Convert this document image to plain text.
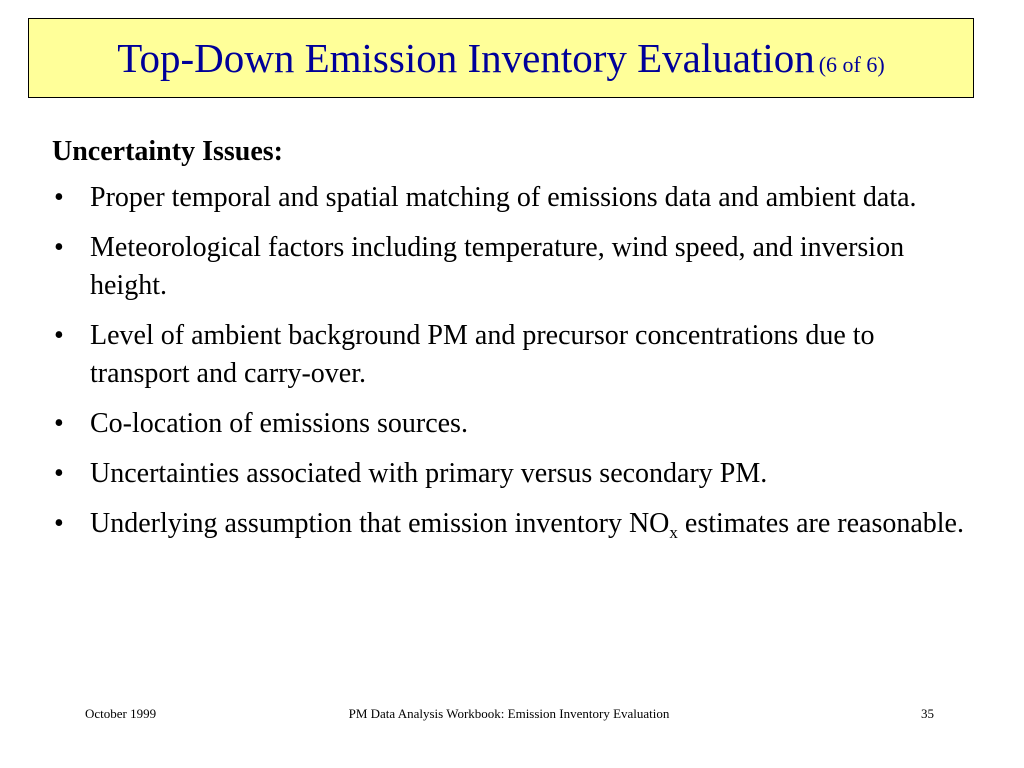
Top-Down Emission Inventory Evaluation (6 of 6)
Uncertainty Issues:
• Proper temporal and spatial matching of emissions data and ambient data.
• Meteorological factors including temperature, wind speed, and inversion height.
• Level of ambient background PM and precursor concentrations due to transport and carry-over.
• Co-location of emissions sources.
• Uncertainties associated with primary versus secondary PM.
• Underlying assumption that emission inventory $NO_x$ estimates are reasonable.
October 1999	PM Data Analysis Workbook: Emission Inventory Evaluation	35
